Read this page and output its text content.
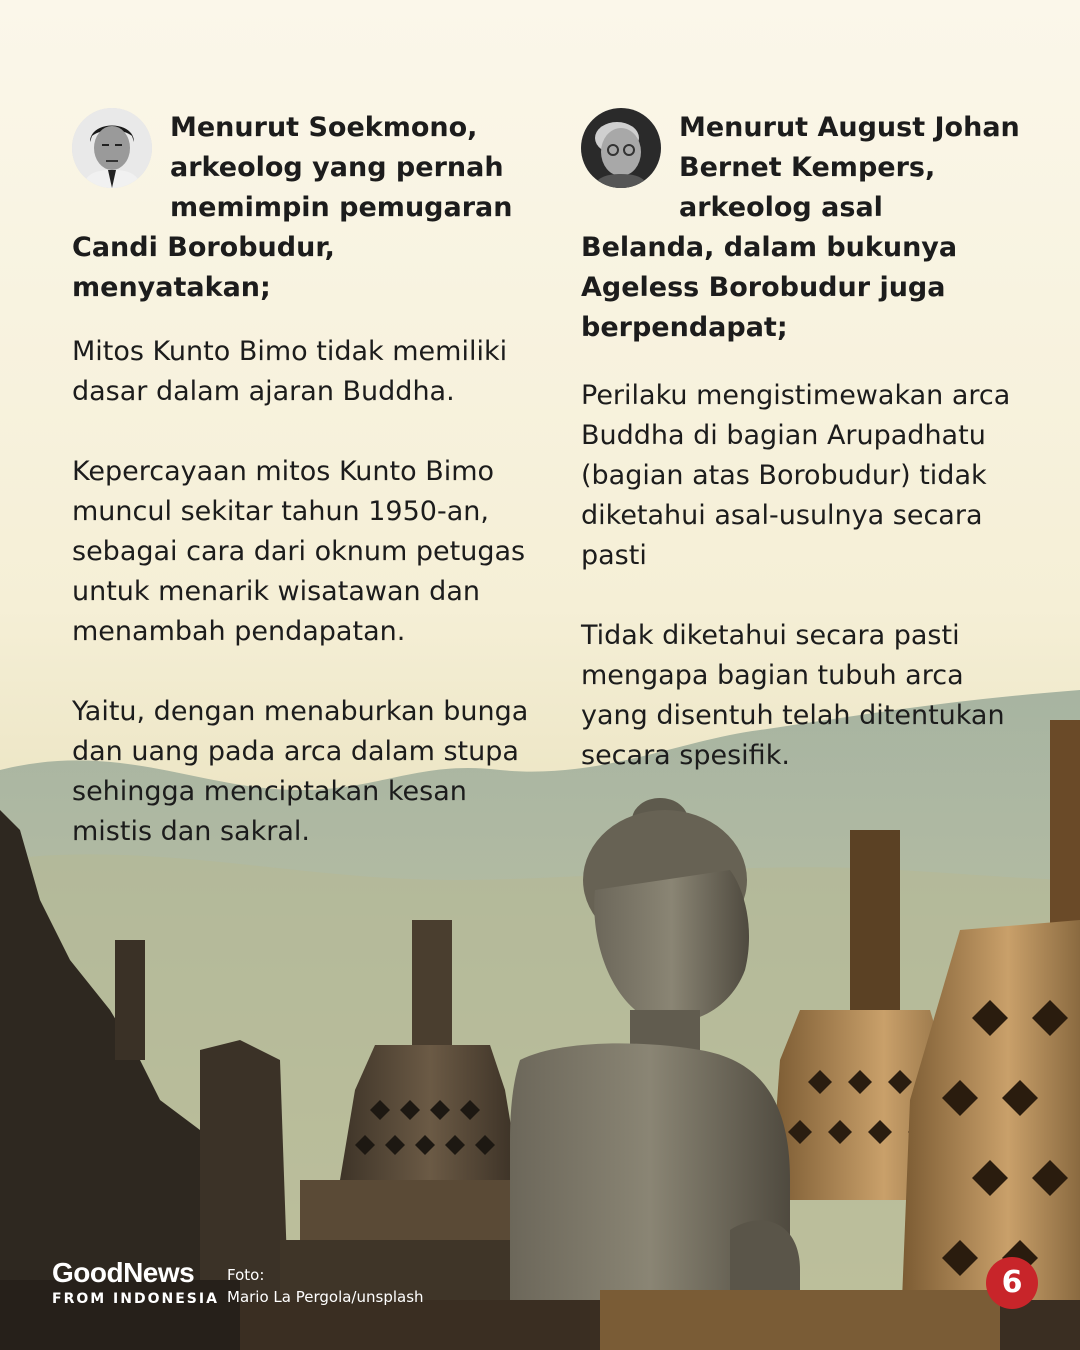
Menurut Soekmono, arkeolog yang pernah memimpin pemugaran Candi Borobudur, menyatakan;

Mitos Kunto Bimo tidak memiliki dasar dalam ajaran Buddha.

Kepercayaan mitos Kunto Bimo muncul sekitar tahun 1950-an, sebagai cara dari oknum petugas untuk menarik wisatawan dan menambah pendapatan.

Yaitu, dengan menaburkan bunga dan uang pada arca dalam stupa sehingga menciptakan kesan mistis dan sakral.

Menurut August Johan Bernet Kempers, arkeolog asal Belanda, dalam bukunya Ageless Borobudur juga berpendapat;

Perilaku mengistimewakan arca Buddha di bagian Arupadhatu (bagian atas Borobudur) tidak diketahui asal-usulnya secara pasti

Tidak diketahui secara pasti mengapa bagian tubuh arca yang disentuh telah ditentukan secara spesifik.

GoodNews
FROM INDONESIA
Foto:
Mario La Pergola/unsplash	6
